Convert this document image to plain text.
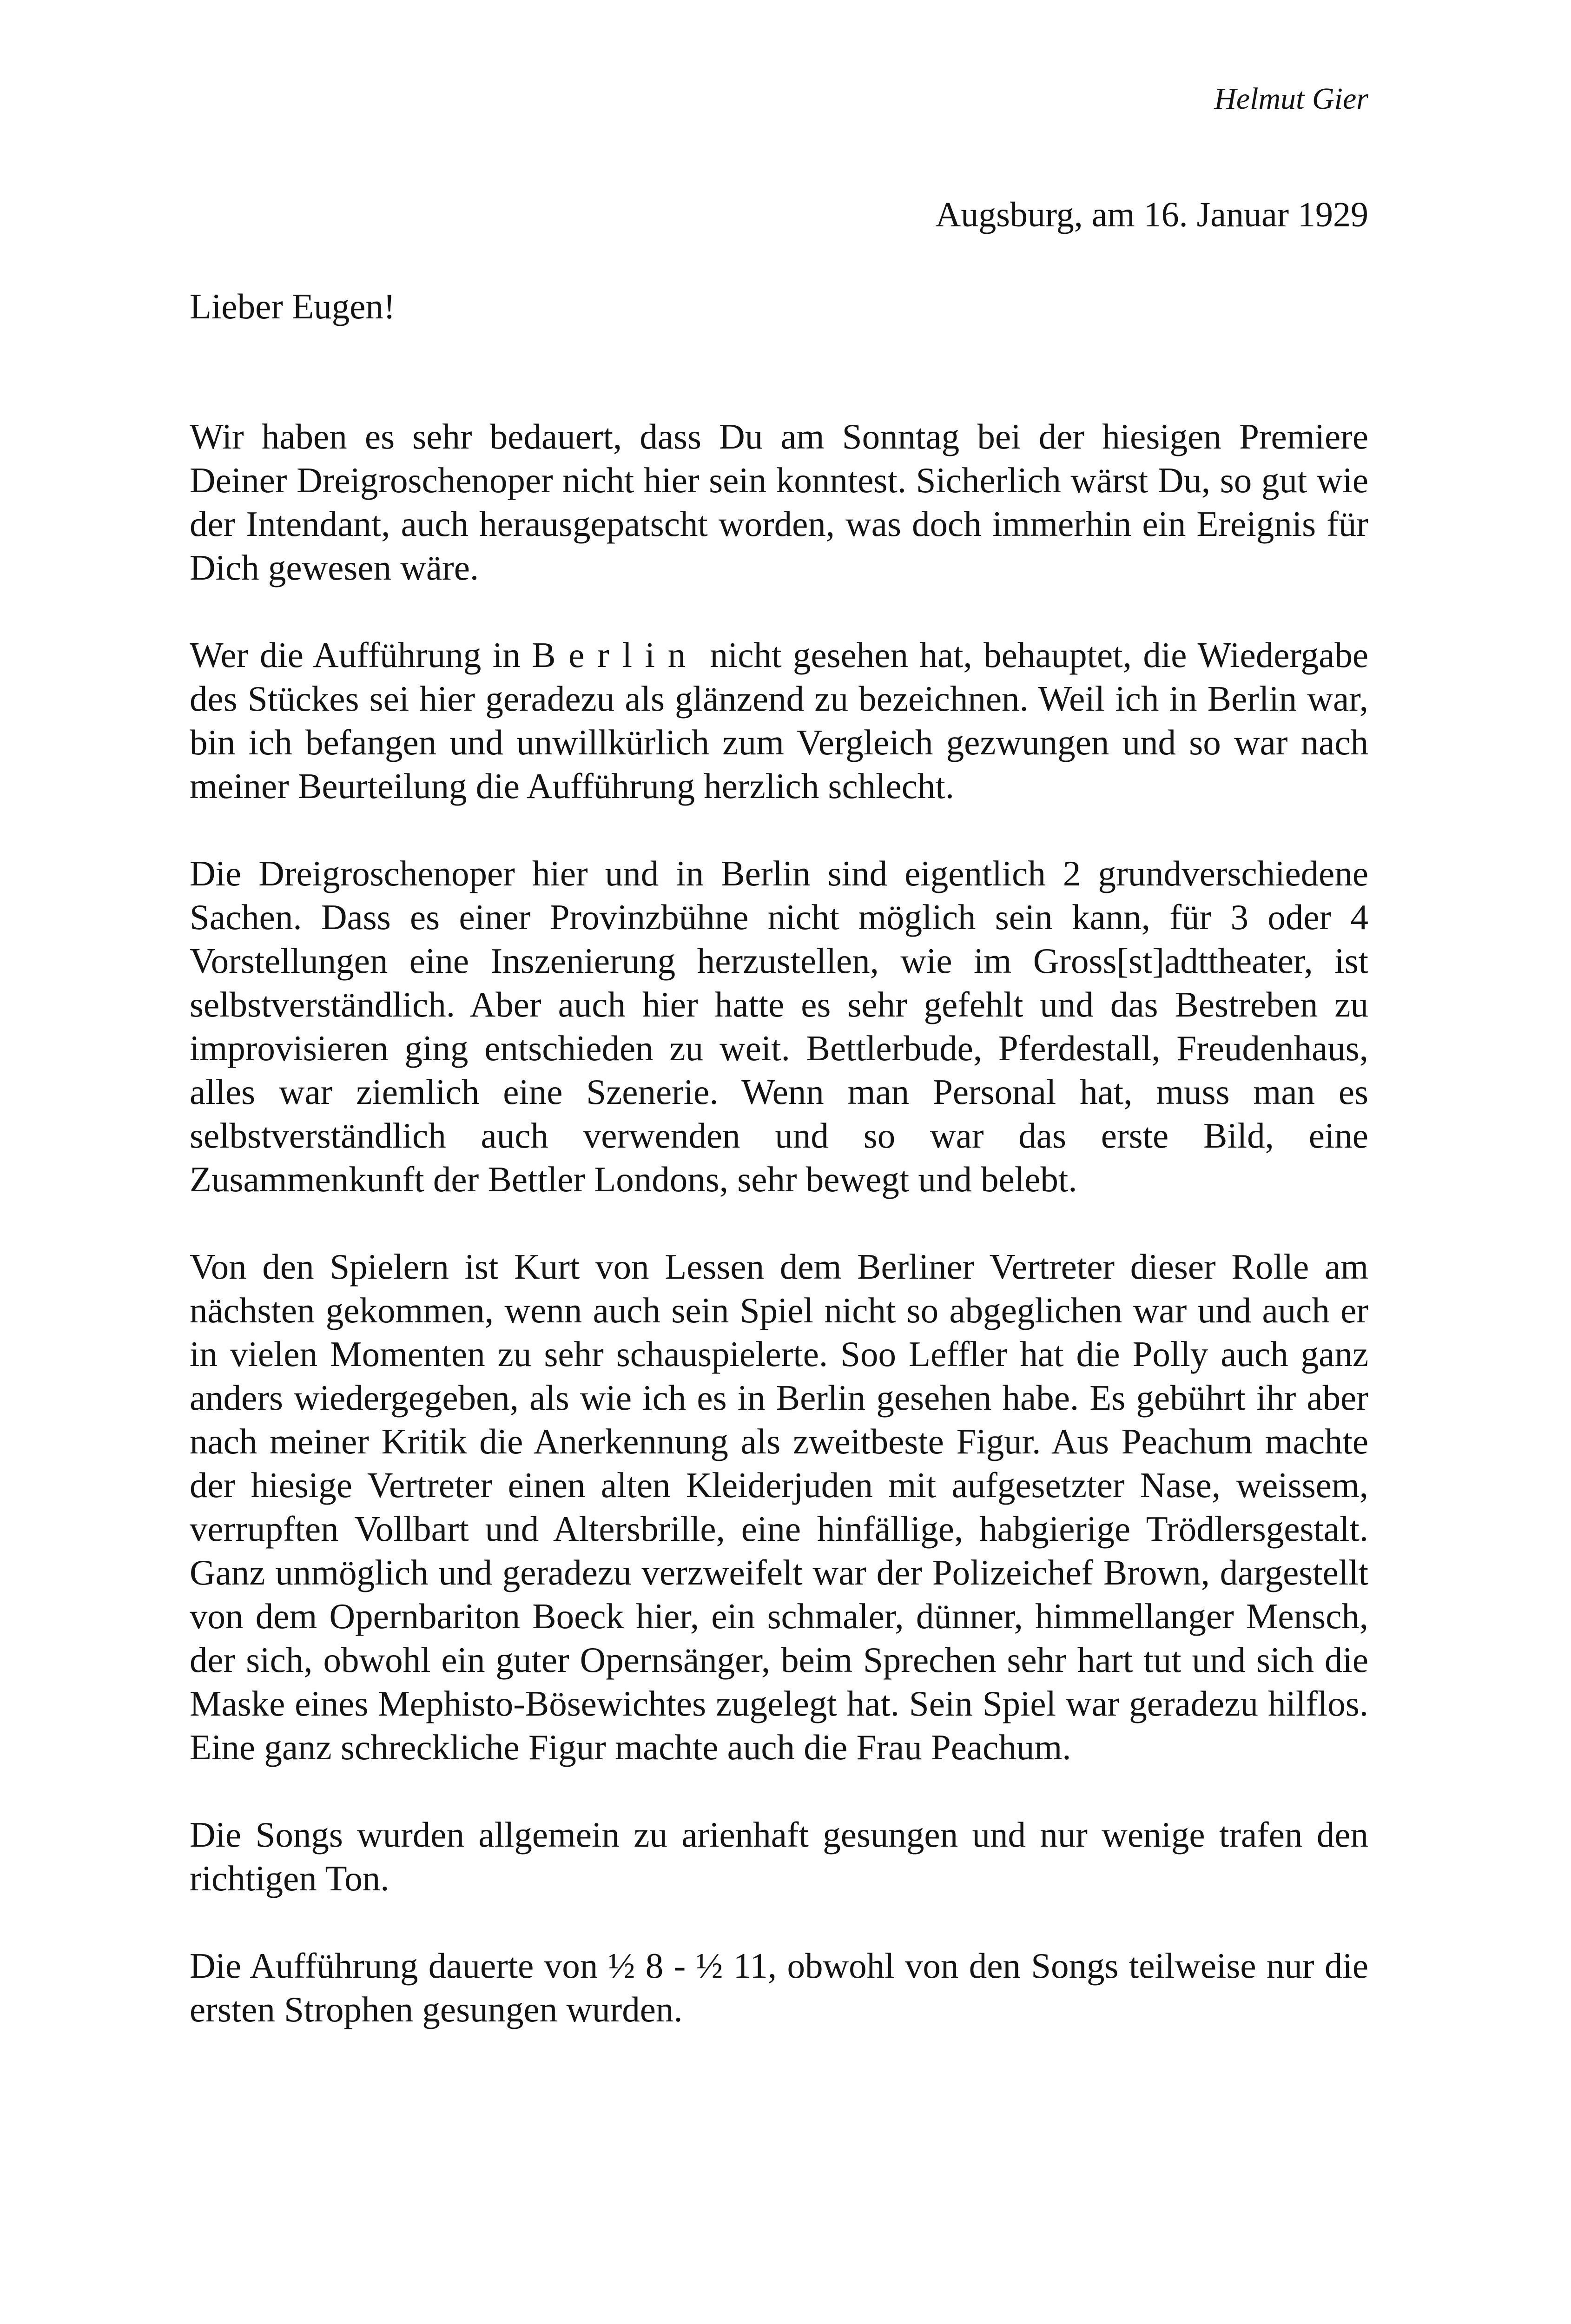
Helmut Gier
Augsburg, am 16. Januar 1929

Lieber Eugen!

Wir haben es sehr bedauert, dass Du am Sonntag bei der hiesigen Premiere Deiner Dreigroschenoper nicht hier sein konntest. Sicherlich wärst Du, so gut wie der Intendant, auch herausgepatscht worden, was doch immerhin ein Ereignis für Dich gewesen wäre.

Wer die Aufführung in Berlin nicht gesehen hat, behauptet, die Wiedergabe des Stückes sei hier geradezu als glänzend zu bezeichnen. Weil ich in Berlin war, bin ich befangen und unwillkürlich zum Vergleich gezwungen und so war nach meiner Beurteilung die Aufführung herzlich schlecht.

Die Dreigroschenoper hier und in Berlin sind eigentlich 2 grundverschiedene Sachen. Dass es einer Provinzbühne nicht möglich sein kann, für 3 oder 4 Vorstellungen eine Inszenierung herzustellen, wie im Gross[st]adttheater, ist selbstverständlich. Aber auch hier hatte es sehr gefehlt und das Bestreben zu improvisieren ging entschieden zu weit. Bettlerbude, Pferdestall, Freudenhaus, alles war ziemlich eine Szenerie. Wenn man Personal hat, muss man es selbstverständlich auch verwenden und so war das erste Bild, eine Zusammenkunft der Bettler Londons, sehr bewegt und belebt.

Von den Spielern ist Kurt von Lessen dem Berliner Vertreter dieser Rolle am nächsten gekommen, wenn auch sein Spiel nicht so abgeglichen war und auch er in vielen Momenten zu sehr schauspielerte. Soo Leffler hat die Polly auch ganz anders wiedergegeben, als wie ich es in Berlin gesehen habe. Es gebührt ihr aber nach meiner Kritik die Anerkennung als zweitbeste Figur. Aus Peachum machte der hiesige Vertreter einen alten Kleiderjuden mit aufgesetzter Nase, weissem, verrupften Vollbart und Altersbrille, eine hinfällige, habgierige Trödlersgestalt. Ganz unmöglich und geradezu verzweifelt war der Polizeichef Brown, dargestellt von dem Opernbariton Boeck hier, ein schmaler, dünner, himmellanger Mensch, der sich, obwohl ein guter Opernsänger, beim Sprechen sehr hart tut und sich die Maske eines Mephisto-Bösewichtes zugelegt hat. Sein Spiel war geradezu hilflos. Eine ganz schreckliche Figur machte auch die Frau Peachum.

Die Songs wurden allgemein zu arienhaft gesungen und nur wenige trafen den richtigen Ton.

Die Aufführung dauerte von ½ 8 - ½ 11, obwohl von den Songs teilweise nur die ersten Strophen gesungen wurden.
